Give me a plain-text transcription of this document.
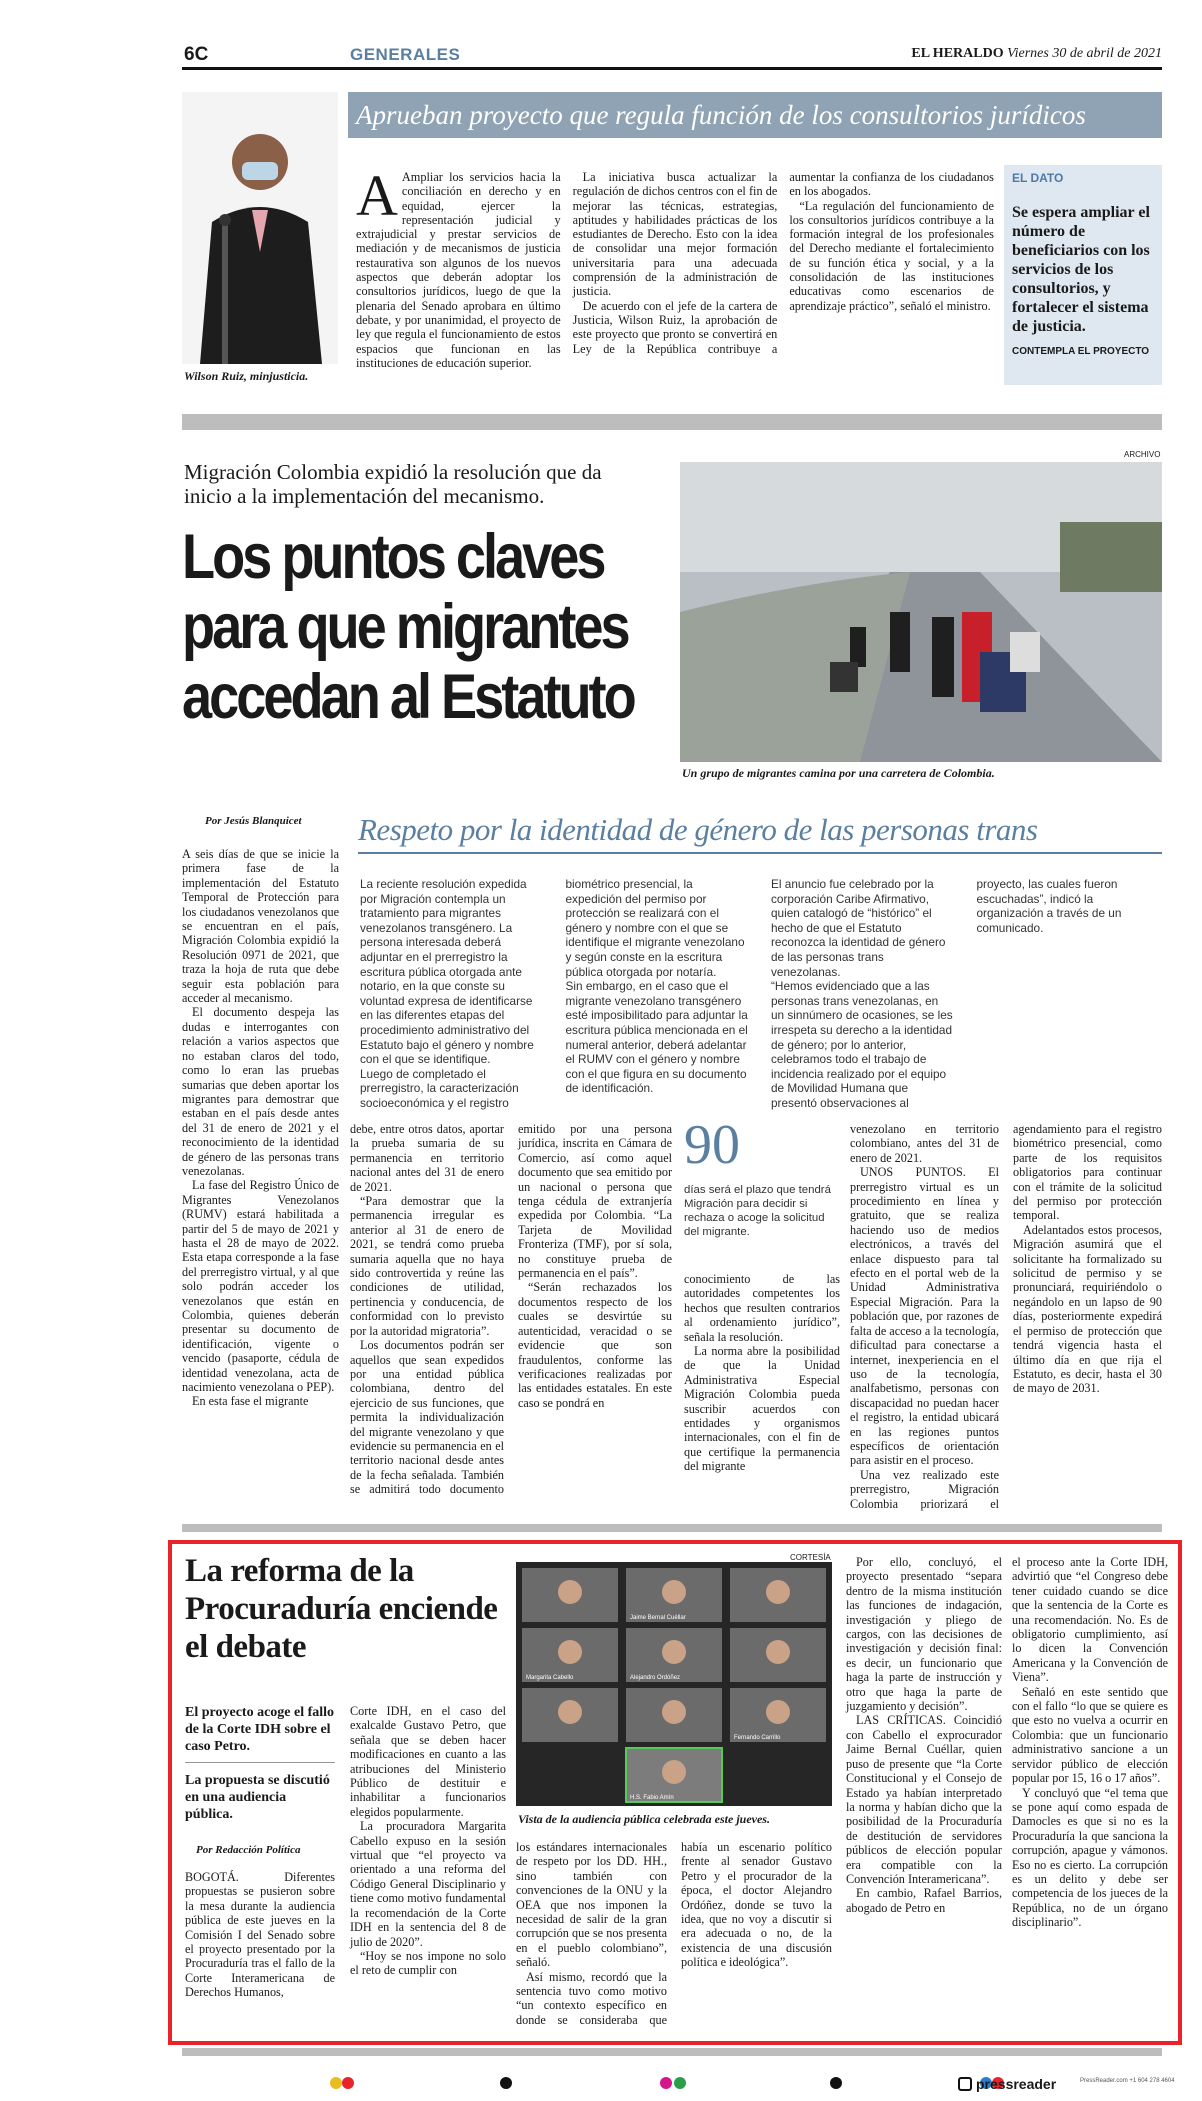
6C	GENERALES	EL HERALDO Viernes 30 de abril de 2021
Wilson Ruiz, minjusticia.
Aprueban proyecto que regula función de los consultorios jurídicos

A Ampliar los servicios hacia la conciliación en derecho y en equidad, ejercer la representación judicial y extrajudicial y prestar servicios de mediación y de mecanismos de justicia restaurativa son algunos de los nuevos aspectos que deberán adoptar los consultorios jurídicos, luego de que la plenaria del Senado aprobara en último debate, y por unanimidad, el proyecto de ley que regula el funcionamiento de estos espacios que funcionan en las instituciones de educación superior.

La iniciativa busca actualizar la regulación de dichos centros con el fin de mejorar las técnicas, estrategias, aptitudes y habilidades prácticas de los estudiantes de Derecho. Esto con la idea de consolidar una mejor formación universitaria para una adecuada comprensión de la administración de justicia.

De acuerdo con el jefe de la cartera de Justicia, Wilson Ruiz, la aprobación de este proyecto que pronto se convertirá en Ley de la República contribuye a aumentar la confianza de los ciudadanos en los abogados.

“La regulación del funcionamiento de los consultorios jurídicos contribuye a la formación integral de los profesionales del Derecho mediante el fortalecimiento de su función ética y social, y a la consolidación de las instituciones educativas como escenarios de aprendizaje práctico”, señaló el ministro.

EL DATO
Se espera ampliar el número de beneficiarios con los servicios de los consultorios, y fortalecer el sistema de justicia.
CONTEMPLA EL PROYECTO
Migración Colombia expidió la resolución que da inicio a la implementación del mecanismo.
Los puntos claves para que migrantes accedan al Estatuto
ARCHIVO
Un grupo de migrantes camina por una carretera de Colombia.
Por Jesús Blanquicet Respeto por la identidad de género de las personas trans

A seis días de que se inicie la primera fase de la implementación del Estatuto Temporal de Protección para los ciudadanos venezolanos que se encuentran en el país, Migración Colombia expidió la Resolución 0971 de 2021, que traza la hoja de ruta que debe seguir esta población para acceder al mecanismo.

El documento despeja las dudas e interrogantes con relación a varios aspectos que no estaban claros del todo, como lo eran las pruebas sumarias que deben aportar los migrantes para demostrar que estaban en el país desde antes del 31 de enero de 2021 y el reconocimiento de la identidad de género de las personas trans venezolanas.

La fase del Registro Único de Migrantes Venezolanos (RUMV) estará habilitada a partir del 5 de mayo de 2021 y hasta el 28 de mayo de 2022. Esta etapa corresponde a la fase del prerregistro virtual, y al que solo podrán acceder los venezolanos que están en Colombia, quienes deberán presentar su documento de identificación, vigente o vencido (pasaporte, cédula de identidad venezolana, acta de nacimiento venezolana o PEP).

En esta fase el migrante

La reciente resolución expedida por Migración contempla un tratamiento para migrantes venezolanos transgénero. La persona interesada deberá adjuntar en el prerregistro la escritura pública otorgada ante notario, en la que conste su voluntad expresa de identificarse en las diferentes etapas del procedimiento administrativo del Estatuto bajo el género y nombre con el que se identifique.

Luego de completado el prerregistro, la caracterización socioeconómica y el registro biométrico presencial, la expedición del permiso por protección se realizará con el género y nombre con el que se identifique el migrante venezolano y según conste en la escritura pública otorgada por notaría.

Sin embargo, en el caso que el migrante venezolano transgénero esté imposibilitado para adjuntar la escritura pública mencionada en el numeral anterior, deberá adelantar el RUMV con el género y nombre con el que figura en su documento de identificación.

El anuncio fue celebrado por la corporación Caribe Afirmativo, quien catalogó de “histórico” el hecho de que el Estatuto reconozca la identidad de género de las personas trans venezolanas.

“Hemos evidenciado que a las personas trans venezolanas, en un sinnúmero de ocasiones, se les irrespeta su derecho a la identidad de género; por lo anterior, celebramos todo el trabajo de incidencia realizado por el equipo de Movilidad Humana que presentó observaciones al proyecto, las cuales fueron escuchadas”, indicó la organización a través de un comunicado.

debe, entre otros datos, aportar la prueba sumaria de su permanencia en territorio nacional antes del 31 de enero de 2021.

“Para demostrar que la permanencia irregular es anterior al 31 de enero de 2021, se tendrá como prueba sumaria aquella que no haya sido controvertida y reúne las condiciones de utilidad, pertinencia y conducencia, de conformidad con lo previsto por la autoridad migratoria”.

Los documentos podrán ser aquellos que sean expedidos por una entidad pública colombiana, dentro del ejercicio de sus funciones, que permita la individualización del migrante venezolano y que evidencie su permanencia en el territorio nacional desde antes de la fecha señalada. También se admitirá todo documento emitido por una persona jurídica, inscrita en Cámara de Comercio, así como aquel documento que sea emitido por un nacional o persona que tenga cédula de extranjería expedida por Colombia. “La Tarjeta de Movilidad Fronteriza (TMF), por sí sola, no constituye prueba de permanencia en el país”.

“Serán rechazados los documentos respecto de los cuales se desvirtúe su autenticidad, veracidad o se evidencie que son fraudulentos, conforme las verificaciones realizadas por las entidades estatales. En este caso se pondrá en

90
días será el plazo que tendrá Migración para decidir si rechaza o acoge la solicitud del migrante.

conocimiento de las autoridades competentes los hechos que resulten contrarios al ordenamiento jurídico”, señala la resolución.

La norma abre la posibilidad de que la Unidad Administrativa Especial Migración Colombia pueda suscribir acuerdos con entidades y organismos internacionales, con el fin de que certifique la permanencia del migrante

venezolano en territorio colombiano, antes del 31 de enero de 2021.

UNOS PUNTOS. El prerregistro virtual es un procedimiento en línea y gratuito, que se realiza haciendo uso de medios electrónicos, a través del enlace dispuesto para tal efecto en el portal web de la Unidad Administrativa Especial Migración. Para la población que, por razones de falta de acceso a la tecnología, dificultad para conectarse a internet, inexperiencia en el uso de la tecnología, analfabetismo, personas con discapacidad no puedan hacer el registro, la entidad ubicará en las regiones puntos específicos de orientación para asistir en el proceso.

Una vez realizado este prerregistro, Migración Colombia priorizará el agendamiento para el registro biométrico presencial, como parte de los requisitos obligatorios para continuar con el trámite de la solicitud del permiso por protección temporal.

Adelantados estos procesos, Migración asumirá que el solicitante ha formalizado su solicitud de permiso y se pronunciará, requiriéndolo o negándolo en un lapso de 90 días, posteriormente expedirá el permiso de protección que tendrá vigencia hasta el último día en que rija el Estatuto, es decir, hasta el 30 de mayo de 2031.

La reforma de la Procuraduría enciende el debate
El proyecto acoge el fallo de la Corte IDH sobre el caso Petro.
La propuesta se discutió en una audiencia pública.
Por Redacción Política

BOGOTÁ. Diferentes propuestas se pusieron sobre la mesa durante la audiencia pública de este jueves en la Comisión I del Senado sobre el proyecto presentado por la Procuraduría tras el fallo de la Corte Interamericana de Derechos Humanos,

CORTESÍA
Jaime Bernal Cuéllar
Margarita Cabello	Alejandro Ordóñez
Fernando Carrillo
H.S. Fabio Amín
Vista de la audiencia pública celebrada este jueves.

Corte IDH, en el caso del exalcalde Gustavo Petro, que señala que se deben hacer modificaciones en cuanto a las atribuciones del Ministerio Público de destituir e inhabilitar a funcionarios elegidos popularmente.

La procuradora Margarita Cabello expuso en la sesión virtual que “el proyecto va orientado a una reforma del Código General Disciplinario y tiene como motivo fundamental la recomendación de la Corte IDH en la sentencia del 8 de julio de 2020”.

“Hoy se nos impone no solo el reto de cumplir con

los estándares internacionales de respeto por los DD. HH., sino también con convenciones de la ONU y la OEA que nos imponen la necesidad de salir de la gran corrupción que se nos presenta en el pueblo colombiano”, señaló.

Así mismo, recordó que la sentencia tuvo como motivo “un contexto específico en donde se consideraba que había un escenario político frente al senador Gustavo Petro y el procurador de la época, el doctor Alejandro Ordóñez, donde se tuvo la idea, que no voy a discutir si era adecuada o no, de la existencia de una discusión política e ideológica”.

Por ello, concluyó, el proyecto presentado “separa dentro de la misma institución las funciones de indagación, investigación y pliego de cargos, con las decisiones de investigación y decisión final: es decir, un funcionario que haga la parte de instrucción y otro que haga la parte de juzgamiento y decisión”.

LAS CRÍTICAS. Coincidió con Cabello el exprocurador Jaime Bernal Cuéllar, quien puso de presente que “la Corte Constitucional y el Consejo de Estado ya habían interpretado la norma y habían dicho que la posibilidad de la Procuraduría de destitución de servidores públicos de elección popular era compatible con la Convención Interamericana”.

En cambio, Rafael Barrios, abogado de Petro en

el proceso ante la Corte IDH, advirtió que “el Congreso debe tener cuidado cuando se dice que la sentencia de la Corte es una recomendación. No. Es de obligatorio cumplimiento, así lo dicen la Convención Americana y la Convención de Viena”.

Señaló en este sentido que con el fallo “lo que se quiere es que esto no vuelva a ocurrir en Colombia: que un funcionario administrativo sancione a un servidor público de elección popular por 15, 16 o 17 años”.

Y concluyó que “el tema que se pone aquí como espada de Damocles es que si no es la Procuraduría la que sanciona la corrupción, apague y vámonos. Eso no es cierto. La corrupción es un delito y debe ser competencia de los jueces de la República, no de un órgano disciplinario”.

pressreader	PressReader.com +1 604 278 4604
